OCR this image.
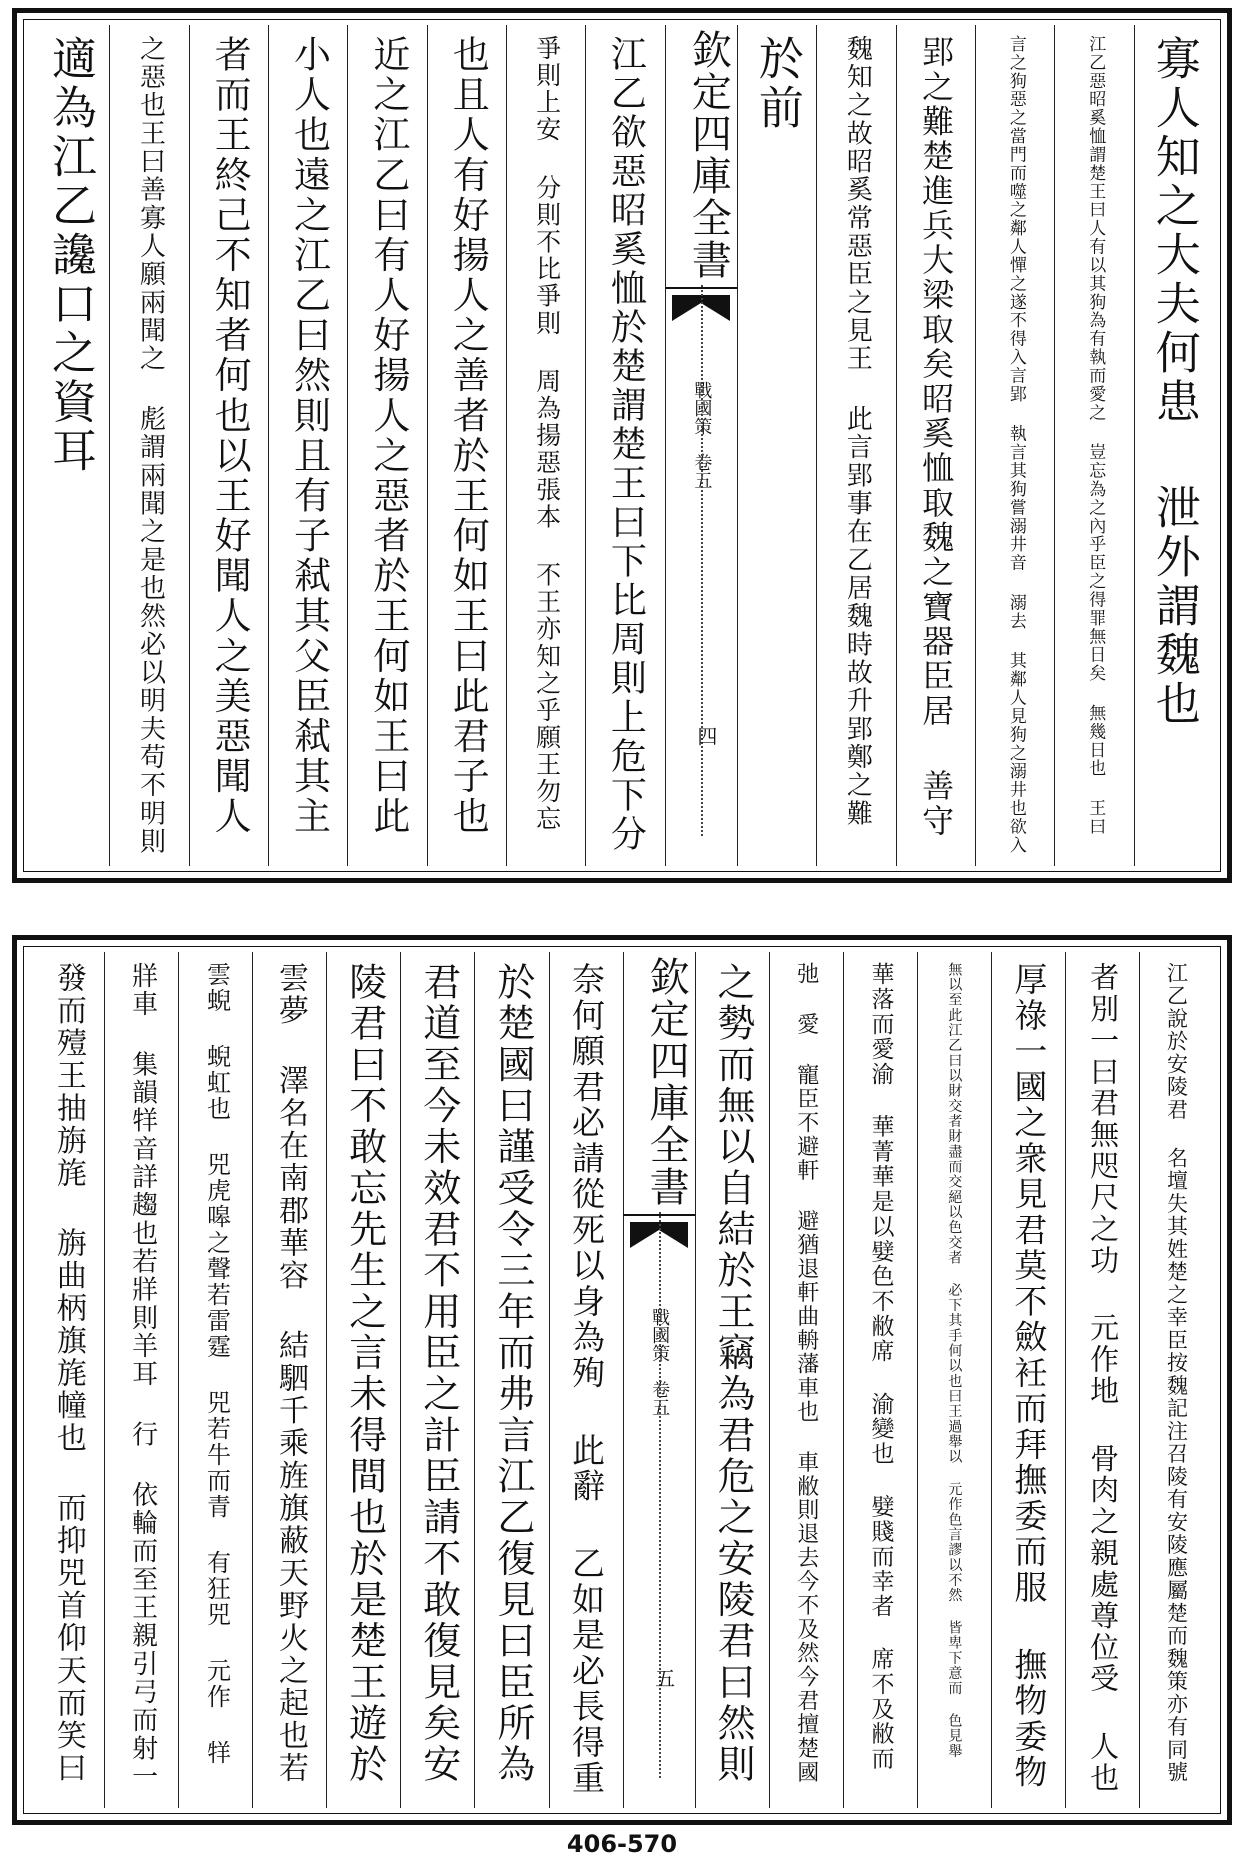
寡人知之大夫何患 泄外謂魏也
江乙惡昭奚恤謂楚王曰人有以其狗為有執而愛之 豈忘為之內乎臣之得罪無日矣 無幾日也 王曰
言之狗惡之當門而噬之鄰人憚之遂不得入言郢 執言其狗嘗溺井音 溺去 其鄰人見狗之溺井也欲入
郢之難楚進兵大梁取矣昭奚恤取魏之寶器臣居 善守
魏知之故昭奚常惡臣之見王 此言郢事在乙居魏時故升郢鄭之難
於前
欽定四庫全書
戰國策　卷五
四
江乙欲惡昭奚恤於楚謂楚王曰下比周則上危下分
爭則上安 分則不比爭則 周為揚惡張本 不王亦知之乎願王勿忘
也且人有好揚人之善者於王何如王曰此君子也
近之江乙曰有人好揚人之惡者於王何如王曰此
小人也遠之江乙曰然則且有子弒其父臣弒其主
者而王終己不知者何也以王好聞人之美惡聞人
之惡也王曰善寡人願兩聞之 彪謂兩聞之是也然必以明夫苟不明則
適為江乙讒口之資耳
江乙說於安陵君 名壇失其姓楚之幸臣按魏記注召陵有安陵應屬楚而魏策亦有同號
者別一曰君無咫尺之功 元作地 骨肉之親處尊位受 人也
厚祿一國之衆見君莫不斂衽而拜撫委而服 撫物委物
無以至此江乙曰以財交者財盡而交絕以色交者 必下其手何以也曰王過舉以 元作色言謬以不然 皆卑下意而 色見舉
華落而愛渝 華菁華是以嬖色不敝席 渝變也 嬖賤而幸者 席不及敝而
弛 愛 寵臣不避軒 避猶退軒曲輈藩車也 車敝則退去今不及然今君擅楚國
之勢而無以自結於王竊為君危之安陵君曰然則
欽定四庫全書
戰國策　卷五
五
奈何願君必請從死以身為殉 此辭 乙如是必長得重
於楚國曰謹受令三年而弗言江乙復見曰臣所為
君道至今未效君不用臣之計臣請不敢復見矣安
陵君曰不敢忘先生之言未得間也於是楚王遊於
雲夢 澤名在南郡華容 結駟千乘旌旗蔽天野火之起也若
雲蜺 蜺虹也 兕虎嗥之聲若雷霆 兕若牛而青 有狂兕 元作 䍧
牂車 集韻䍧音詳趨也若牂則羊耳 行 依輪而至王親引弓而射一
發而殪王抽旃旄 旃曲柄旗旄幢也 而抑兕首仰天而笑曰
406-570
